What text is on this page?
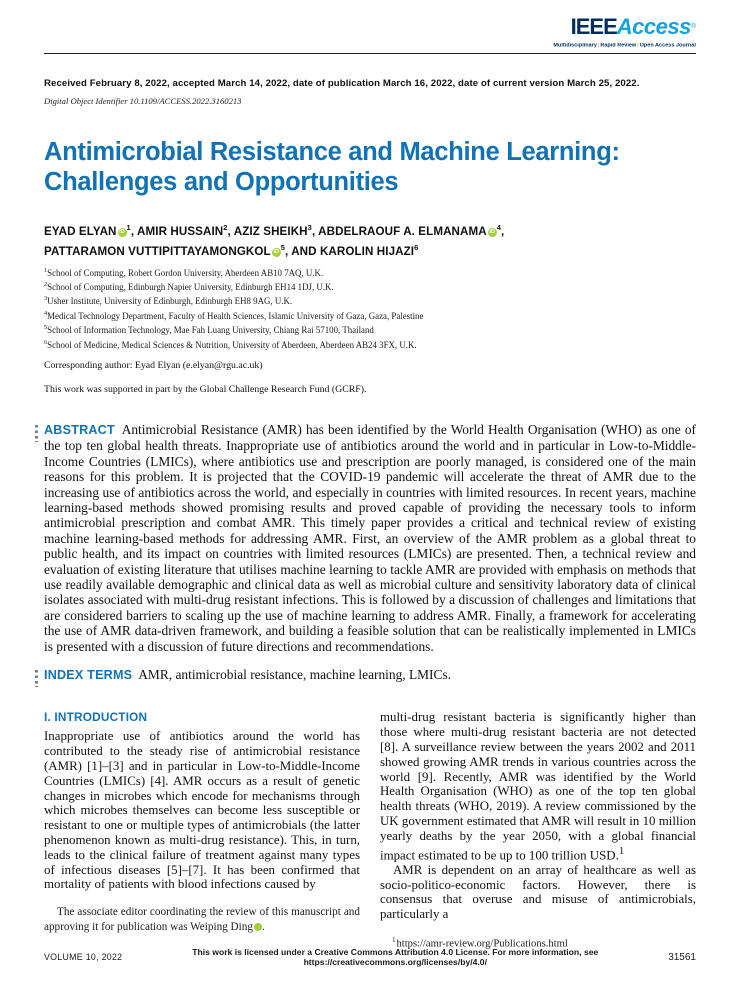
IEEEAccess®
Multidisciplinary¦Rapid Review¦Open Access Journal

Received February 8, 2022, accepted March 14, 2022, date of publication March 16, 2022, date of current version March 25, 2022.

Digital Object Identifier 10.1109/ACCESS.2022.3160213

Antimicrobial Resistance and Machine Learning:
Challenges and Opportunities
EYAD ELYAN iD $^1$, AMIR HUSSAIN$^2$, AZIZ SHEIKH$^3$, ABDELRAOUF A. ELMANAMA iD $^4$,
PATTARAMON VUTTIPITTAYAMONGKOL iD $^5$, AND KAROLIN HIJAZI$^6$
$^1$School of Computing, Robert Gordon University, Aberdeen AB10 7AQ, U.K.
$^2$School of Computing, Edinburgh Napier University, Edinburgh EH14 1DJ, U.K.
$^3$Usher Institute, University of Edinburgh, Edinburgh EH8 9AG, U.K.
$^4$Medical Technology Department, Faculty of Health Sciences, Islamic University of Gaza, Gaza, Palestine
$^5$School of Information Technology, Mae Fah Luang University, Chiang Rai 57100, Thailand
$^6$School of Medicine, Medical Sciences & Nutrition, University of Aberdeen, Aberdeen AB24 3FX, U.K.

Corresponding author: Eyad Elyan (e.elyan@rgu.ac.uk)

This work was supported in part by the Global Challenge Research Fund (GCRF).

ABSTRACT Antimicrobial Resistance (AMR) has been identified by the World Health Organisation (WHO) as one of the top ten global health threats. Inappropriate use of antibiotics around the world and in particular in Low-to-Middle-Income Countries (LMICs), where antibiotics use and prescription are poorly managed, is considered one of the main reasons for this problem. It is projected that the COVID-19 pandemic will accelerate the threat of AMR due to the increasing use of antibiotics across the world, and especially in countries with limited resources. In recent years, machine learning-based methods showed promising results and proved capable of providing the necessary tools to inform antimicrobial prescription and combat AMR. This timely paper provides a critical and technical review of existing machine learning-based methods for addressing AMR. First, an overview of the AMR problem as a global threat to public health, and its impact on countries with limited resources (LMICs) are presented. Then, a technical review and evaluation of existing literature that utilises machine learning to tackle AMR are provided with emphasis on methods that use readily available demographic and clinical data as well as microbial culture and sensitivity laboratory data of clinical isolates associated with multi-drug resistant infections. This is followed by a discussion of challenges and limitations that are considered barriers to scaling up the use of machine learning to address AMR. Finally, a framework for accelerating the use of AMR data-driven framework, and building a feasible solution that can be realistically implemented in LMICs is presented with a discussion of future directions and recommendations.

INDEX TERMS AMR, antimicrobial resistance, machine learning, LMICs.

I. INTRODUCTION

Inappropriate use of antibiotics around the world has contributed to the steady rise of antimicrobial resistance (AMR) [1]–[3] and in particular in Low-to-Middle-Income Countries (LMICs) [4]. AMR occurs as a result of genetic changes in microbes which encode for mechanisms through which microbes themselves can become less susceptible or resistant to one or multiple types of antimicrobials (the latter phenomenon known as multi-drug resistance). This, in turn, leads to the clinical failure of treatment against many types of infectious diseases [5]–[7]. It has been confirmed that mortality of patients with blood infections caused by

The associate editor coordinating the review of this manuscript and approving it for publication was Weiping Ding	iD.

multi-drug resistant bacteria is significantly higher than those where multi-drug resistant bacteria are not detected [8]. A surveillance review between the years 2002 and 2011 showed growing AMR trends in various countries across the world [9]. Recently, AMR was identified by the World Health Organisation (WHO) as one of the top ten global health threats (WHO, 2019). A review commissioned by the UK government estimated that AMR will result in 10 million yearly deaths by the year 2050, with a global financial impact estimated to be up to 100 trillion USD.$^1$

AMR is dependent on an array of healthcare as well as socio-politico-economic factors. However, there is consensus that overuse and misuse of antimicrobials, particularly a

$^1$https://amr-review.org/Publications.html

VOLUME 10, 2022	This work is licensed under a Creative Commons Attribution 4.0 License. For more information, see https://creativecommons.org/licenses/by/4.0/	31561
